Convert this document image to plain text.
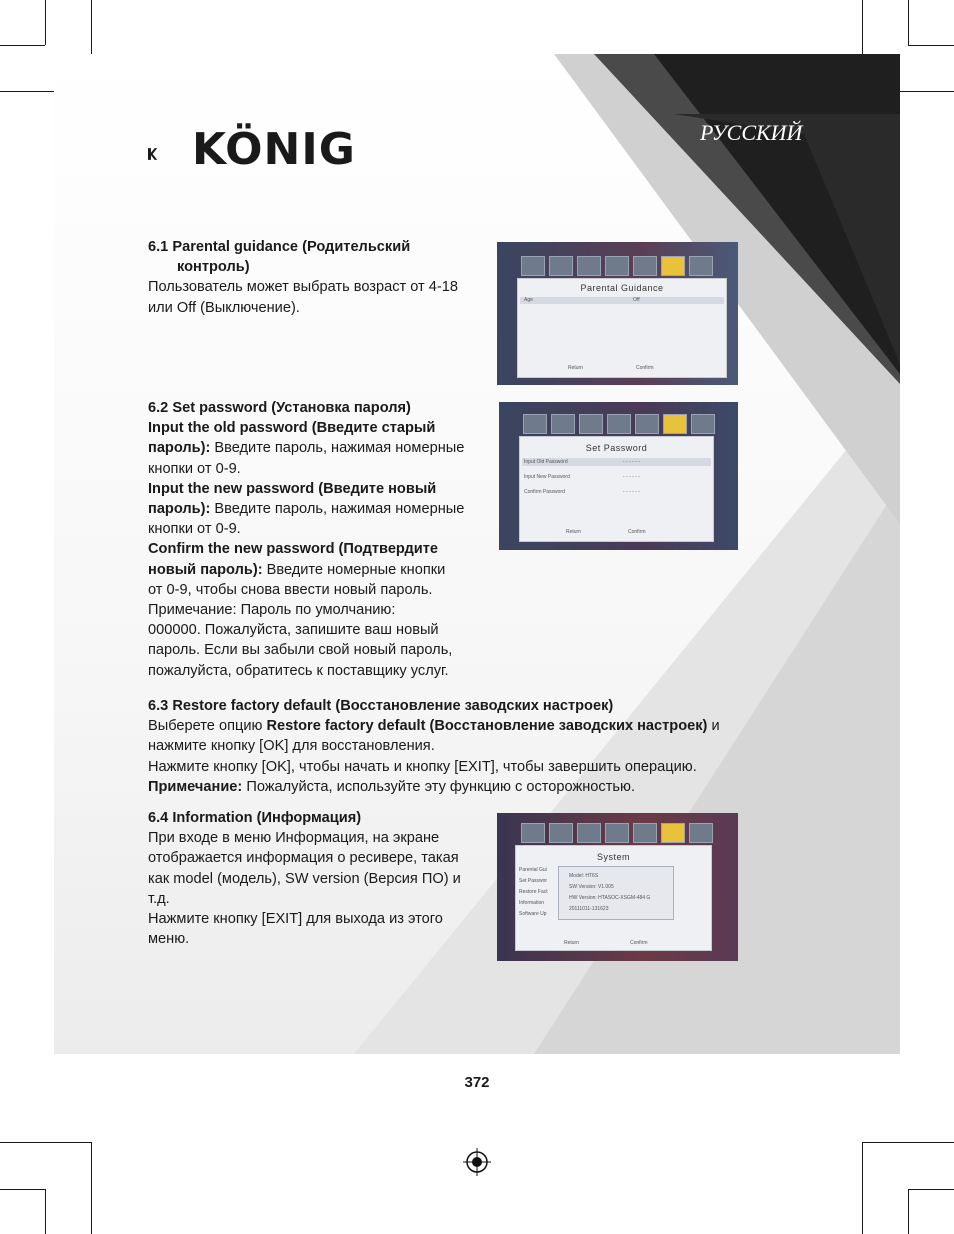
KÖNIG	РУССКИЙ
6.1 Parental guidance (Родительский
контроль)
Пользователь может выбрать возраст от 4-18
или Off (Выключение).
6.2 Set password (Установка пароля)
Input the old password (Введите старый
пароль): Введите пароль, нажимая номерные
кнопки от 0-9.
Input the new password (Введите новый
пароль): Введите пароль, нажимая номерные
кнопки от 0-9.
Confirm the new password (Подтвердите
новый пароль): Введите номерные кнопки
от 0-9, чтобы снова ввести новый пароль.
Примечание: Пароль по умолчанию:
000000. Пожалуйста, запишите ваш новый
пароль. Если вы забыли свой новый пароль,
пожалуйста, обратитесь к поставщику услуг.
6.3 Restore factory default (Восстановление заводских настроек)
Выберете опцию Restore factory default (Восстановление заводских настроек) и
нажмите кнопку [OK] для восстановления.
Нажмите кнопку [OK], чтобы начать и кнопку [EXIT], чтобы завершить операцию.
Примечание: Пожалуйста, используйте эту функцию с осторожностью.
6.4 Information (Информация)
При входе в меню Информация, на экране
отображается информация о ресивере, такая
как model (модель), SW version (Версия ПО) и
т.д.
Нажмите кнопку [EXIT] для выхода из этого
меню.
Parental Guidance
Age	Off
Return	Confirm
Set Password
Input Old Password	- - - - - -
Input New Password	- - - - - -
Confirm Password	- - - - - -
Return	Confirm
System
Parental Gui
Set Passwor
Restore Fact
Information
Software Up
Model: HT6S
SW Version: V1.005
HW Version: HTASOC-XSGM-484 G
20111011-131623
Return	Confirm
372
